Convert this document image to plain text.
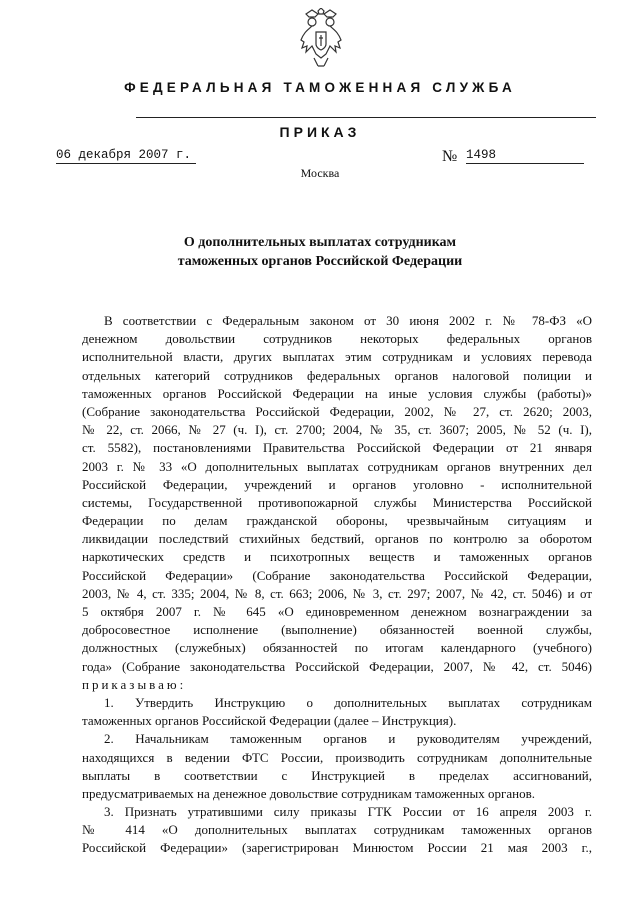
ФЕДЕРАЛЬНАЯ ТАМОЖЕННАЯ СЛУЖБА
ПРИКАЗ
06 декабря 2007 г.	№ 1498
Москва
О дополнительных выплатах сотрудникам
таможенных органов Российской Федерации
В соответствии с Федеральным законом от 30 июня 2002 г. № 78-ФЗ «О
денежном довольствии сотрудников некоторых федеральных органов
исполнительной власти, других выплатах этим сотрудникам и условиях перевода
отдельных категорий сотрудников федеральных органов налоговой полиции и
таможенных органов Российской Федерации на иные условия службы (работы)»
(Собрание законодательства Российской Федерации, 2002, № 27, ст. 2620; 2003,
№ 22, ст. 2066, № 27 (ч. I), ст. 2700; 2004, № 35, ст. 3607; 2005, № 52 (ч. I),
ст. 5582), постановлениями Правительства Российской Федерации от 21 января
2003 г. № 33 «О дополнительных выплатах сотрудникам органов внутренних дел
Российской Федерации, учреждений и органов уголовно - исполнительной
системы, Государственной противопожарной службы Министерства Российской
Федерации по делам гражданской обороны, чрезвычайным ситуациям и
ликвидации последствий стихийных бедствий, органов по контролю за оборотом
наркотических средств и психотропных веществ и таможенных органов
Российской Федерации» (Собрание законодательства Российской Федерации,
2003, № 4, ст. 335; 2004, № 8, ст. 663; 2006, № 3, ст. 297; 2007, № 42, ст. 5046) и от
5 октября 2007 г. № 645 «О единовременном денежном вознаграждении за
добросовестное исполнение (выполнение) обязанностей военной службы,
должностных (служебных) обязанностей по итогам календарного (учебного)
года» (Собрание законодательства Российской Федерации, 2007, № 42, ст. 5046)
приказываю:
1. Утвердить Инструкцию о дополнительных выплатах сотрудникам
таможенных органов Российской Федерации (далее – Инструкция).
2. Начальникам таможенным органов и руководителям учреждений,
находящихся в ведении ФТС России, производить сотрудникам дополнительные
выплаты в соответствии с Инструкцией в пределах ассигнований,
предусматриваемых на денежное довольствие сотрудникам таможенных органов.
3. Признать утратившими силу приказы ГТК России от 16 апреля 2003 г.
№ 414 «О дополнительных выплатах сотрудникам таможенных органов
Российской Федерации» (зарегистрирован Минюстом России 21 мая 2003 г.,
